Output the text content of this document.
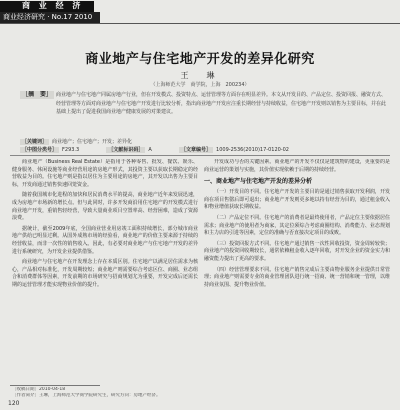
商 业 经 济
商业经济研究 · No.17 2010
商业地产与住宅地产开发的差异化研究
王　琳
（上海师范大学　商学院，上海　200234）
［摘　要］ 商业地产与住宅地产同属房地产行业，但在开发模式、投资特点、运营管理等方面存在明显差异。本文从开发目的、产品定位、投资回报、融资方式、经营管理等方面对商业地产与住宅地产开发进行比较分析，指出商业地产开发应注重长期经营与持续收益，住宅地产开发则以销售为主要目标，并在此基础上提出了促进我国商业地产健康发展的对策建议。
［关键词］ 商业地产；住宅地产；开发；差异化
［中图分类号］ F293.3	［文献标识码］ A	［文章编号］ 1009-2536(2010)17-0120-02

商业地产（Business Real Estate）是指用于各种零售、批发、餐饮、娱乐、健身服务、休闲设施等商业经营用途的房地产形式，其投资主要以获取长期稳定的经营收益为目的。住宅地产则是指以居住为主要用途的房地产，其开发以出售为主要目标，开发商通过销售快速回笼资金。

随着我国城市化进程的加快和居民消费水平的提高，商业地产近年来发展迅速，成为房地产市场新的增长点。但与此同时，许多开发商沿用住宅地产的开发模式进行商业地产开发，重销售轻经营，导致大量商业项目空置率高、经营困难，造成了资源浪费。

据统计，截至2009年底，全国商业营业用房竣工面积持续增长，部分城市商业地产供给已明显过剩。从国外成熟市场的经验看，商业地产的价值主要来源于持续的经营收益，而非一次性的销售收入。因此，有必要对商业地产与住宅地产开发的差异进行系统研究，为开发企业提供借鉴。

商业地产与住宅地产在开发理念上存在本质区别。住宅地产以满足居住需求为核心，产品相对标准化，开发周期较短；商业地产则需要综合考虑区位、商圈、业态组合和消费群体等因素，开发前期的市场研究与招商规划尤为重要，开发完成后还需长期的运营管理才能实现物业价值的提升。

开发成功与否的关键因素。商业地产的开发不仅仅是建筑物的建设，更重要的是商业运营的策划与实施，其价值实现依赖于后期的持续经营。

一、商业地产与住宅地产开发的差异分析

（一）开发目的不同。住宅地产开发的主要目的是通过销售获取开发利润，开发商在项目售罄后即可退出；商业地产开发则更多地以持有经营为目的，通过租金收入和物业增值获取长期收益。

（二）产品定位不同。住宅地产的消费者是最终使用者，产品定位主要依据居住需求；商业地产的使用者为商家，其定位须综合考虑商圈结构、消费能力、业态规划和主力店的引进等因素，定位的准确与否直接决定项目的成败。

（三）投资回报方式不同。住宅地产通过销售一次性回收投资，资金周转较快；商业地产的投资回收期较长，通常依赖租金收入逐年回收，对开发企业的资金实力和融资能力提出了更高的要求。

（四）经营管理要求不同。住宅地产销售完成后主要由物业服务企业提供日常管理；商业地产则需要专业的商业管理团队进行统一招商、统一营销和统一管理，以维持商业氛围、提升物业价值。

［收稿日期］2010-04-18
［作者简介］王琳，上海师范大学商学院研究生，研究方向：房地产经济。
120
